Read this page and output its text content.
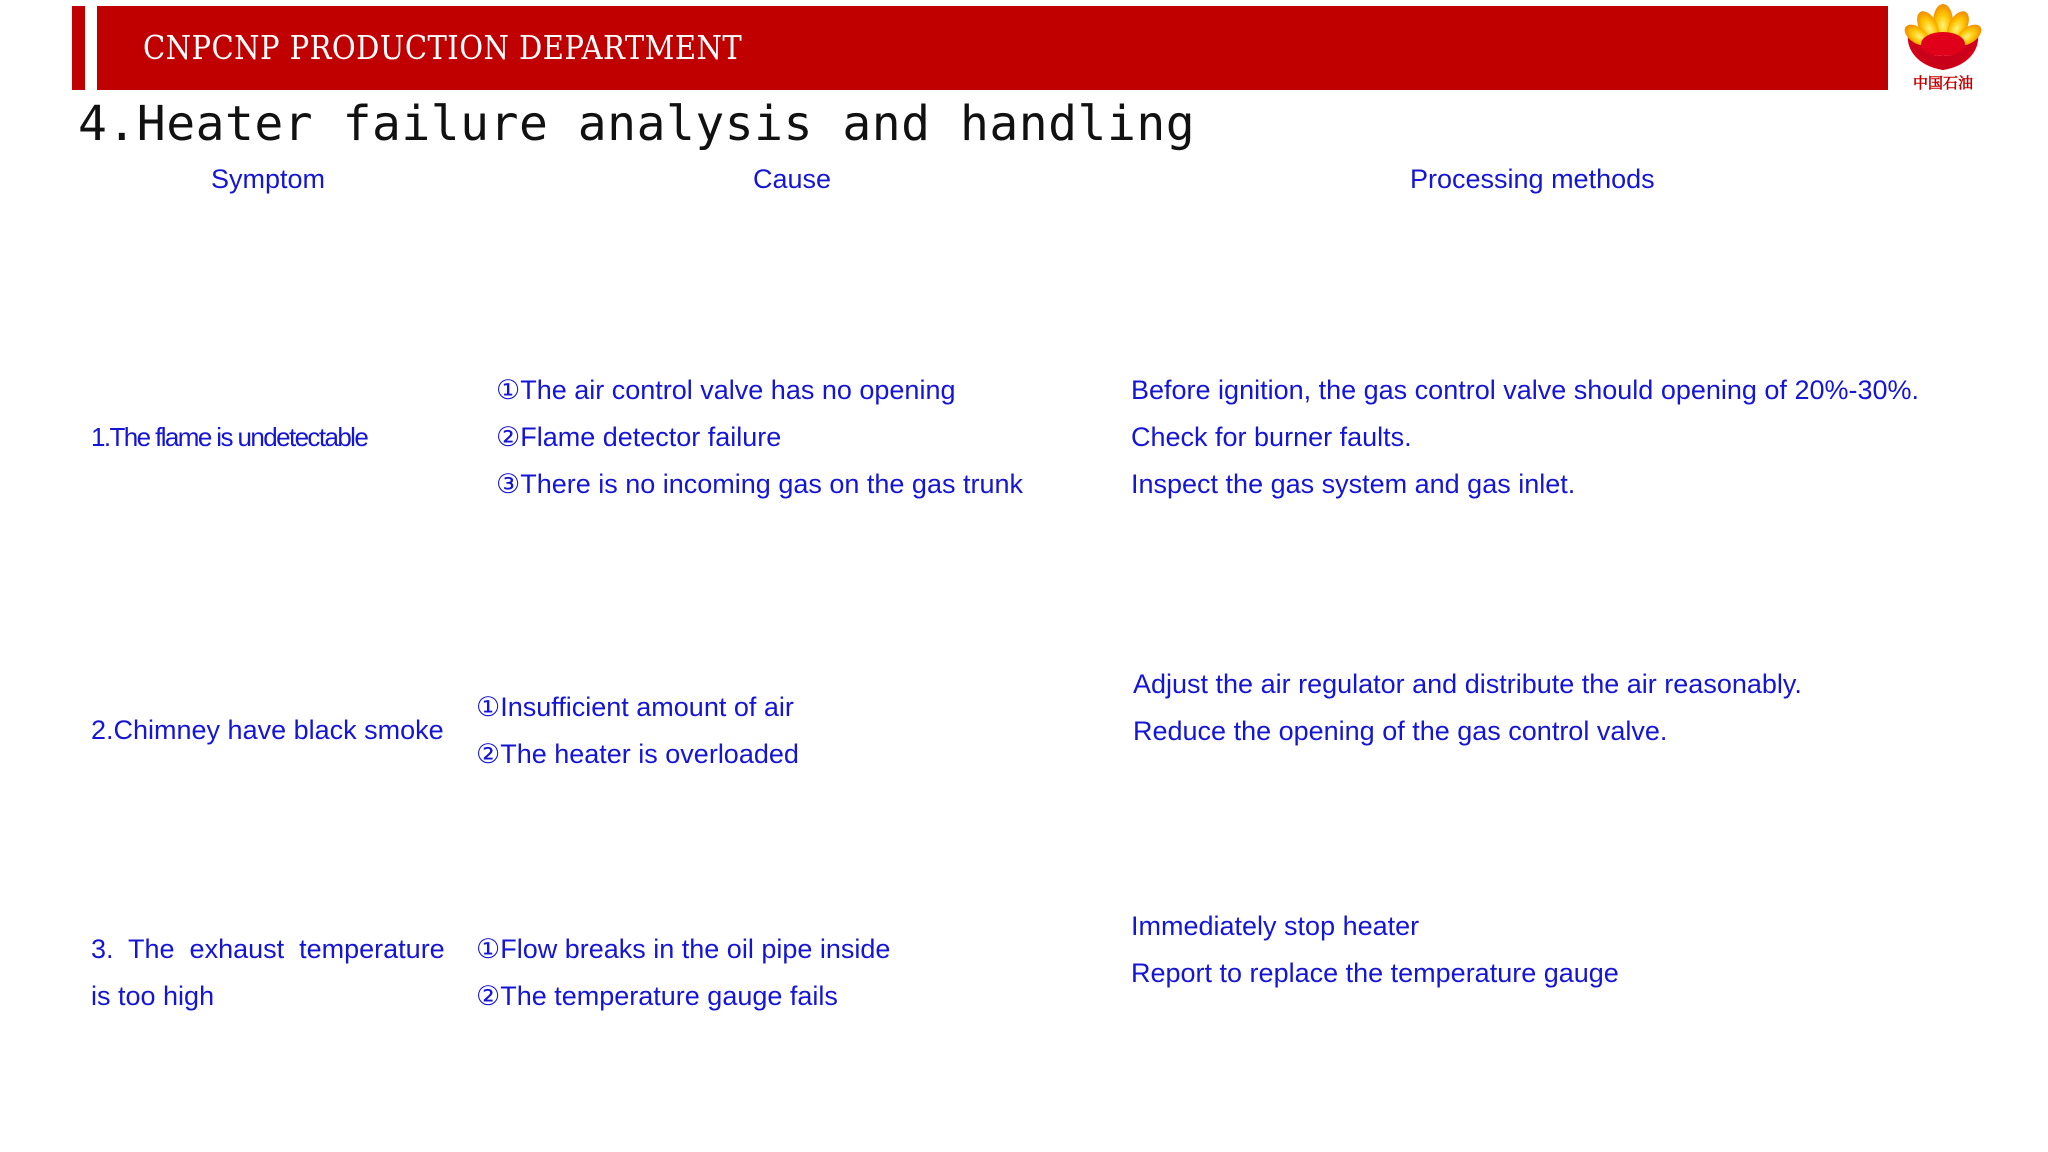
CNPCNP PRODUCTION DEPARTMENT
中国石油
4.Heater failure analysis and handling
Symptom	Cause	Processing methods
1.The flame is undetectable
①The air control valve has no opening
②Flame detector failure
③There is no incoming gas on the gas trunk
Before ignition, the gas control valve should opening of 20%-30%.
Check for burner faults.
Inspect the gas system and gas inlet.
2.Chimney have black smoke
①Insufficient amount of air
②The heater is overloaded
Adjust the air regulator and distribute the air reasonably.
Reduce the opening of the gas control valve.
3.  The  exhaust  temperature
is too high
①Flow breaks in the oil pipe inside
②The temperature gauge fails
Immediately stop heater
Report to replace the temperature gauge
